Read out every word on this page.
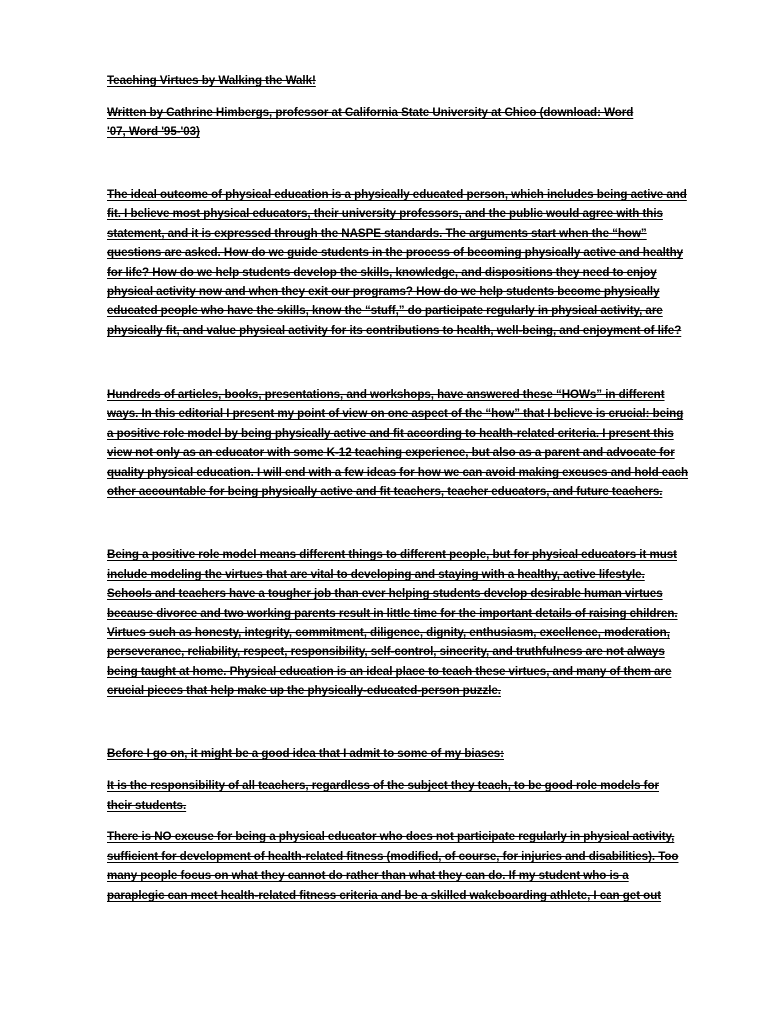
Teaching Virtues by Walking the Walk!

Written by Cathrine Himbergs, professor at California State University at Chico (download: Word

'07, Word '95-'03)

The ideal outcome of physical education is a physically educated person, which includes being active and

fit. I believe most physical educators, their university professors, and the public would agree with this

statement, and it is expressed through the NASPE standards. The arguments start when the “how”

questions are asked. How do we guide students in the process of becoming physically active and healthy

for life? How do we help students develop the skills, knowledge, and dispositions they need to enjoy

physical activity now and when they exit our programs? How do we help students become physically

educated people who have the skills, know the “stuff,” do participate regularly in physical activity, are

physically fit, and value physical activity for its contributions to health, well-being, and enjoyment of life?

Hundreds of articles, books, presentations, and workshops, have answered these “HOWs” in different

ways. In this editorial I present my point of view on one aspect of the “how” that I believe is crucial: being

a positive role model by being physically active and fit according to health-related criteria. I present this

view not only as an educator with some K-12 teaching experience, but also as a parent and advocate for

quality physical education. I will end with a few ideas for how we can avoid making excuses and hold each

other accountable for being physically active and fit teachers, teacher educators, and future teachers.

Being a positive role model means different things to different people, but for physical educators it must

include modeling the virtues that are vital to developing and staying with a healthy, active lifestyle.

Schools and teachers have a tougher job than ever helping students develop desirable human virtues

because divorce and two working parents result in little time for the important details of raising children.

Virtues such as honesty, integrity, commitment, diligence, dignity, enthusiasm, excellence, moderation,

perseverance, reliability, respect, responsibility, self-control, sincerity, and truthfulness are not always

being taught at home. Physical education is an ideal place to teach these virtues, and many of them are

crucial pieces that help make up the physically-educated-person puzzle.

Before I go on, it might be a good idea that I admit to some of my biases:

It is the responsibility of all teachers, regardless of the subject they teach, to be good role models for

their students.

There is NO excuse for being a physical educator who does not participate regularly in physical activity,

sufficient for development of health-related fitness (modified, of course, for injuries and disabilities). Too

many people focus on what they cannot do rather than what they can do. If my student who is a

paraplegic can meet health-related fitness criteria and be a skilled wakeboarding athlete, I can get out
